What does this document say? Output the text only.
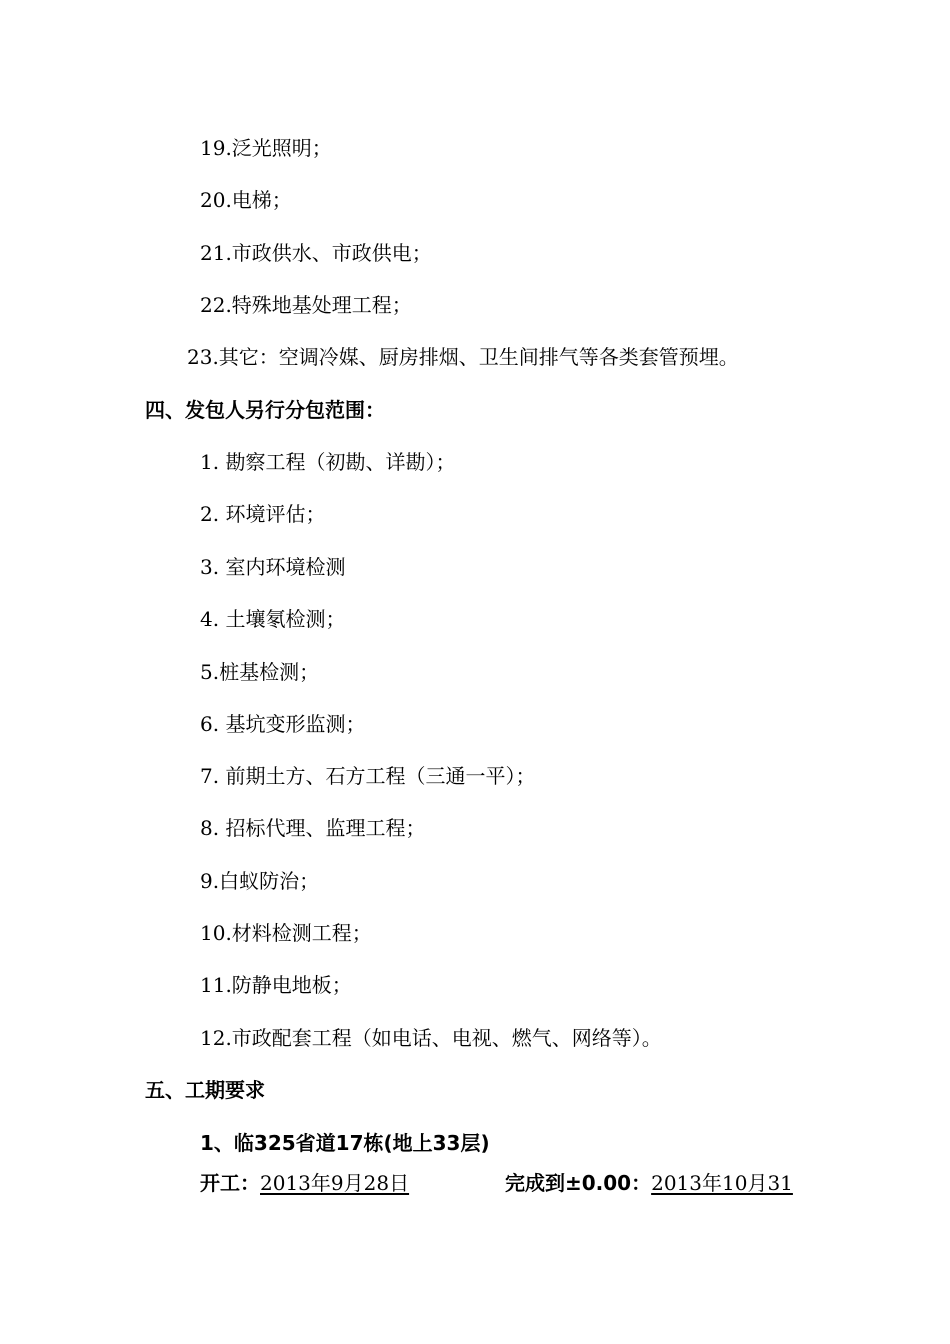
19.泛光照明；
20.电梯；
21.市政供水、市政供电；
22.特殊地基处理工程；
23.其它：空调冷媒、厨房排烟、卫生间排气等各类套管预埋。
四、发包人另行分包范围：
1. 勘察工程（初勘、详勘）；
2. 环境评估；
3. 室内环境检测
4. 土壤氡检测；
5.桩基检测；
6. 基坑变形监测；
7. 前期土方、石方工程（三通一平）；
8. 招标代理、监理工程；
9.白蚁防治；
10.材料检测工程；
11.防静电地板；
12.市政配套工程（如电话、电视、燃气、网络等）。
五、工期要求
1、临325省道17栋(地上33层)
开工：2013年9月28日	完成到±0.00：2013年10月31
